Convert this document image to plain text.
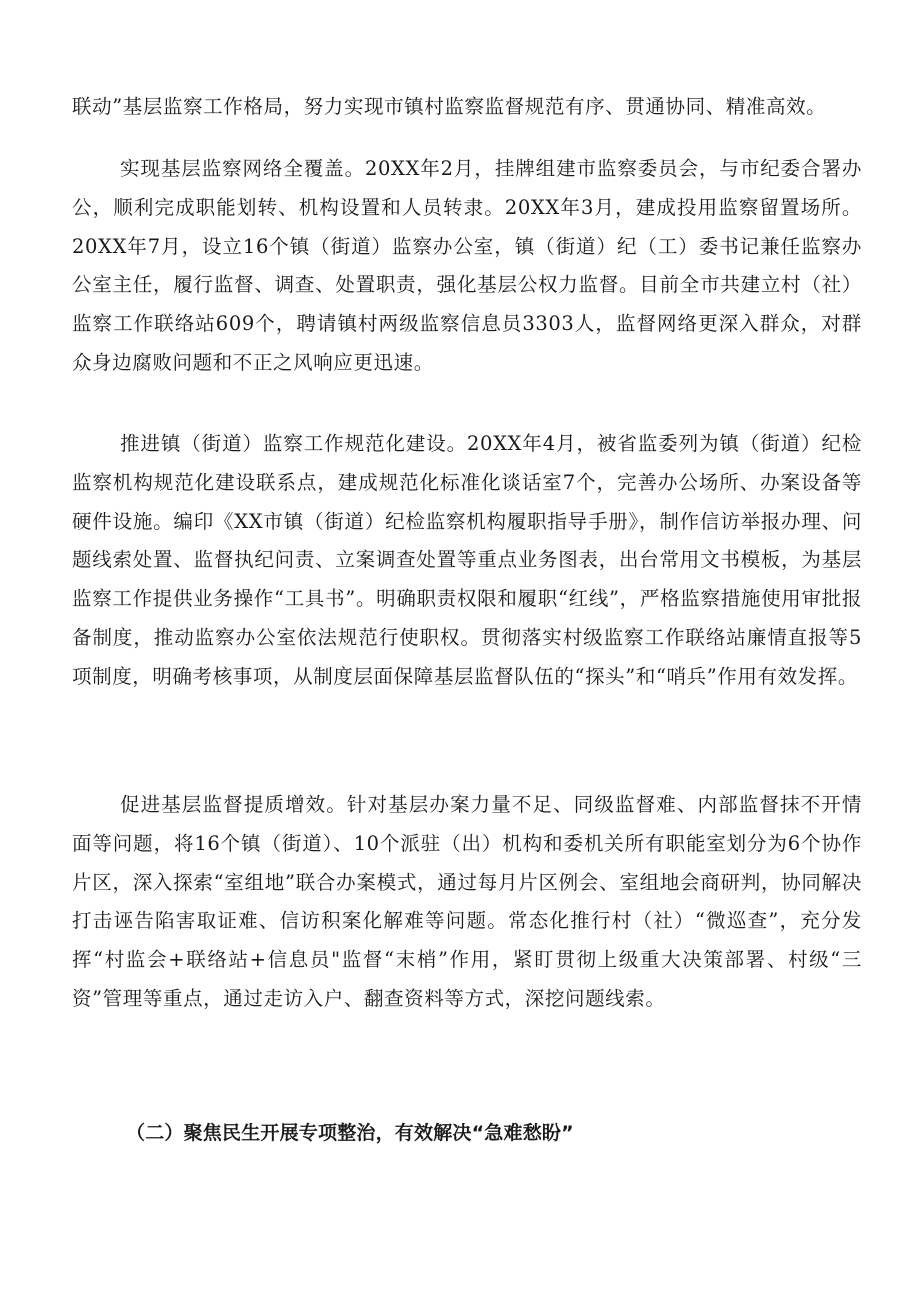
联动”基层监察工作格局，努力实现市镇村监察监督规范有序、贯通协同、精准高效。

实现基层监察网络全覆盖。20XX年2月，挂牌组建市监察委员会，与市纪委合署办公，顺利完成职能划转、机构设置和人员转隶。20XX年3月，建成投用监察留置场所。20XX年7月，设立16个镇（街道）监察办公室，镇（街道）纪（工）委书记兼任监察办公室主任，履行监督、调查、处置职责，强化基层公权力监督。目前全市共建立村（社）监察工作联络站609个，聘请镇村两级监察信息员3303人，监督网络更深入群众，对群众身边腐败问题和不正之风响应更迅速。

推进镇（街道）监察工作规范化建设。20XX年4月，被省监委列为镇（街道）纪检监察机构规范化建设联系点，建成规范化标准化谈话室7个，完善办公场所、办案设备等硬件设施。编印《XX市镇（街道）纪检监察机构履职指导手册》，制作信访举报办理、问题线索处置、监督执纪问责、立案调查处置等重点业务图表，出台常用文书模板，为基层监察工作提供业务操作“工具书”。明确职责权限和履职“红线”，严格监察措施使用审批报备制度，推动监察办公室依法规范行使职权。贯彻落实村级监察工作联络站廉情直报等5项制度，明确考核事项，从制度层面保障基层监督队伍的“探头”和“哨兵”作用有效发挥。

促进基层监督提质增效。针对基层办案力量不足、同级监督难、内部监督抹不开情面等问题，将16个镇（街道）、10个派驻（出）机构和委机关所有职能室划分为6个协作片区，深入探索“室组地”联合办案模式，通过每月片区例会、室组地会商研判，协同解决打击诬告陷害取证难、信访积案化解难等问题。常态化推行村（社）“微巡查”，充分发挥“村监会+联络站+信息员"监督“末梢”作用，紧盯贯彻上级重大决策部署、村级“三资”管理等重点，通过走访入户、翻查资料等方式，深挖问题线索。

（二）聚焦民生开展专项整治，有效解决“急难愁盼”
